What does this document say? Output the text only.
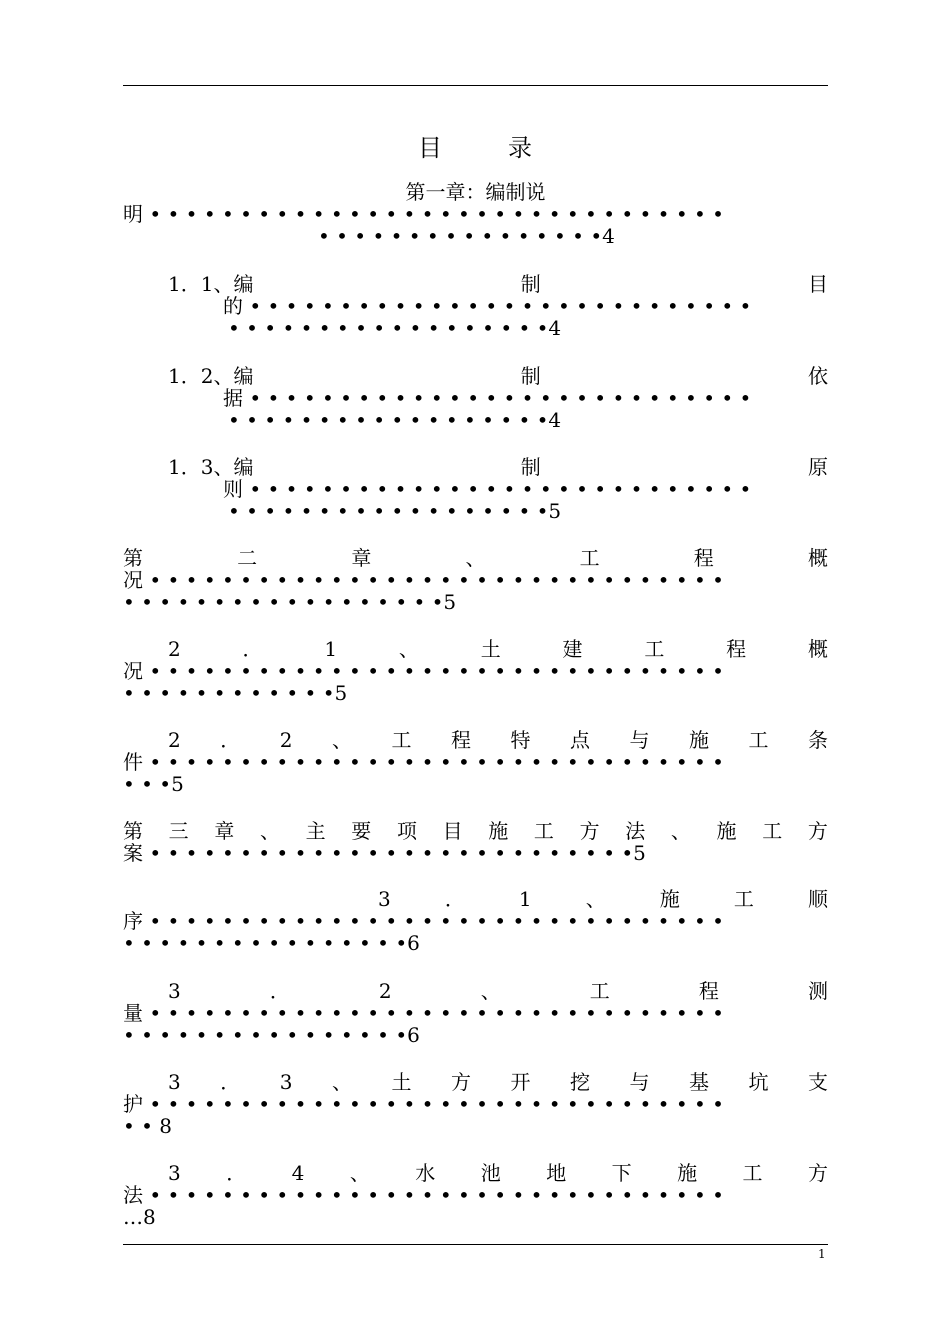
目	录
第一章：编制说
明 • • • • • • • • • • • • • • • • • • • • • • • • • • • • • • • •
• • • • • • • • • • • • • • • •4
1．1、编	制	目
的 • • • • • • • • • • • • • • • • • • • • • • • • • • • •
• • • • • • • • • • • • • • • • • •4
1．2、编	制	依
据 • • • • • • • • • • • • • • • • • • • • • • • • • • • •
• • • • • • • • • • • • • • • • • •4
1．3、编	制	原
则 • • • • • • • • • • • • • • • • • • • • • • • • • • • •
• • • • • • • • • • • • • • • • • •5
第	二	章	、	工	程	概
况 • • • • • • • • • • • • • • • • • • • • • • • • • • • • • • • •
• • • • • • • • • • • • • • • • • •5
2	．	1	、	土	建	工	程	概
况 • • • • • • • • • • • • • • • • • • • • • • • • • • • • • • • •
• • • • • • • • • • • •5
2 ． 2 、 工 程 特 点 与 施 工 条
件 • • • • • • • • • • • • • • • • • • • • • • • • • • • • • • • •
• • •5
第 三 章 、 主 要 项 目 施 工 方 法 、 施 工 方
案 • • • • • • • • • • • • • • • • • • • • • • • • • • •5
3	．	1	、	施	工	顺
序 • • • • • • • • • • • • • • • • • • • • • • • • • • • • • • • •
• • • • • • • • • • • • • • • •6
3	．	2	、	工	程	测
量 • • • • • • • • • • • • • • • • • • • • • • • • • • • • • • • •
• • • • • • • • • • • • • • • •6
3 ． 3 、 土 方 开 挖 与 基 坑 支
护 • • • • • • • • • • • • • • • • • • • • • • • • • • • • • • • •
• • 8
3 ． 4 、 水 池 地 下 施 工 方
法 • • • • • • • • • • • • • • • • • • • • • • • • • • • • • • • •
…8
1
